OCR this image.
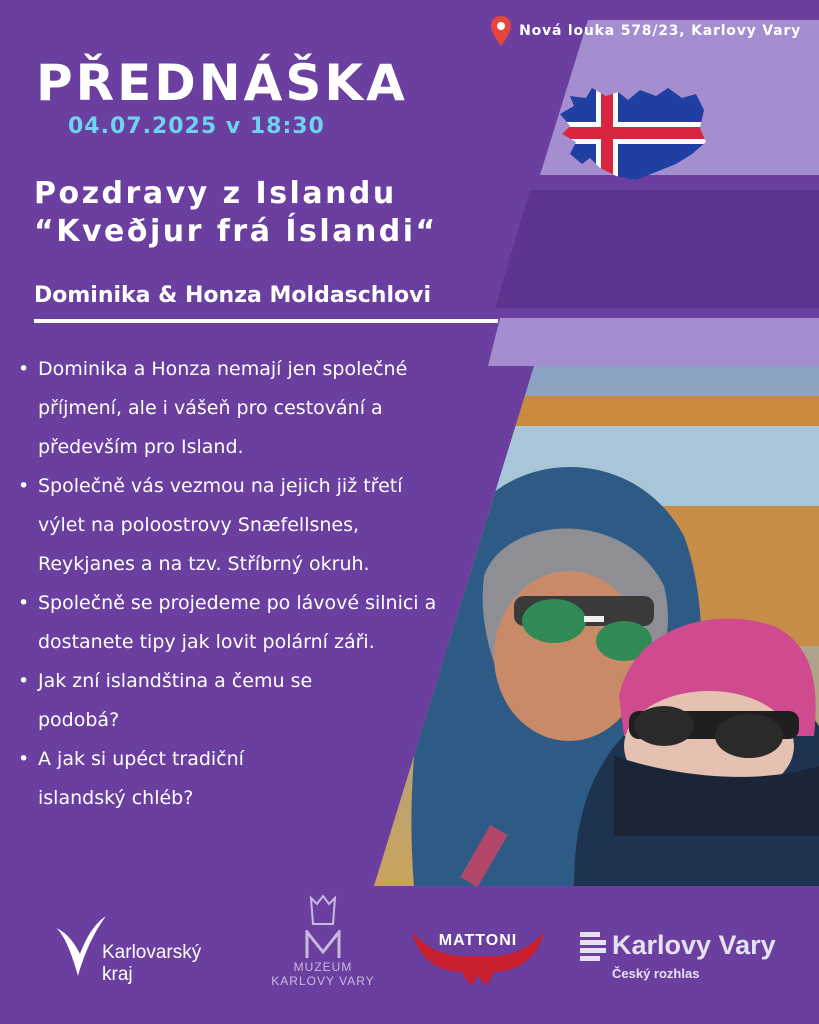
Nová louka 578/23, Karlovy Vary
PŘEDNÁŠKA
04.07.2025 v 18:30
Pozdravy z Islandu
“Kveðjur frá Íslandi“
Dominika & Honza Moldaschlovi
• Dominika a Honza nemají jen společné příjmení, ale i vášeň pro cestování a především pro Island.
• Společně vás vezmou na jejich již třetí výlet na poloostrovy Snæfellsnes, Reykjanes a na tzv. Stříbrný okruh.
• Společně se projedeme po lávové silnici a dostanete tipy jak lovit polární záři.
• Jak zní islandština a čemu se podobá?
• A jak si upéct tradiční islandský chléb?
Karlovarský
kraj	MUZEUM
KARLOVY VARY
MATTONI	Karlovy Vary
Český rozhlas
